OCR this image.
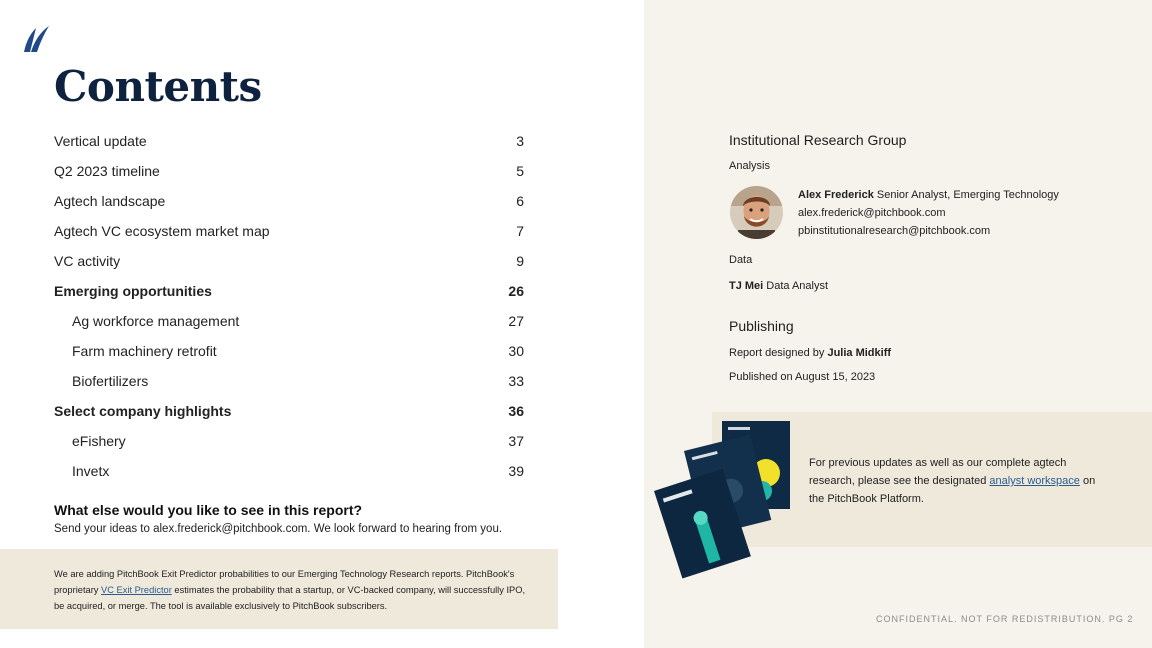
Contents
Vertical update	3
Q2 2023 timeline	5
Agtech landscape	6
Agtech VC ecosystem market map	7
VC activity	9
Emerging opportunities	26
Ag workforce management	27
Farm machinery retrofit	30
Biofertilizers	33
Select company highlights	36
eFishery	37
Invetx	39
What else would you like to see in this report?
Send your ideas to alex.frederick@pitchbook.com. We look forward to hearing from you.
We are adding PitchBook Exit Predictor probabilities to our Emerging Technology Research reports. PitchBook's proprietary VC Exit Predictor estimates the probability that a startup, or VC-backed company, will successfully IPO, be acquired, or merge. The tool is available exclusively to PitchBook subscribers.
Institutional Research Group
Analysis
Alex Frederick Senior Analyst, Emerging Technology
alex.frederick@pitchbook.com
pbinstitutionalresearch@pitchbook.com
Data
TJ Mei Data Analyst
Publishing
Report designed by Julia Midkiff
Published on August 15, 2023
For previous updates as well as our complete agtech research, please see the designated analyst workspace on the PitchBook Platform.
CONFIDENTIAL. NOT FOR REDISTRIBUTION. PG 2
